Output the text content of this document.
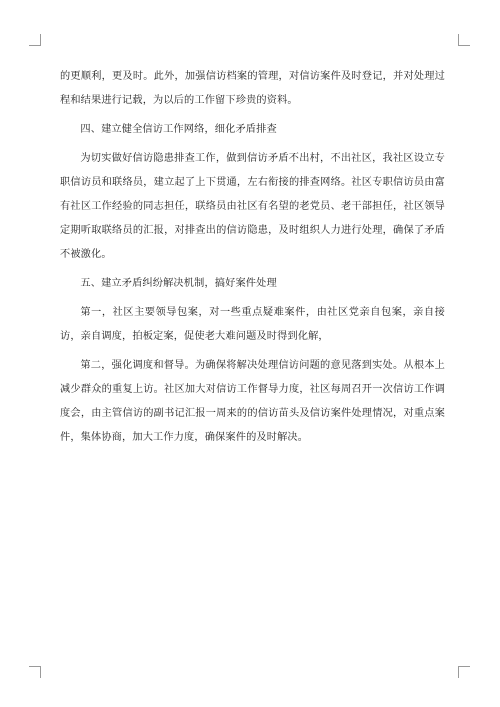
的更顺利，更及时。此外，加强信访档案的管理，对信访案件及时登记，并对处理过程和结果进行记载，为以后的工作留下珍贵的资料。

四、建立健全信访工作网络，细化矛盾排查

为切实做好信访隐患排查工作，做到信访矛盾不出村，不出社区，我社区设立专职信访员和联络员，建立起了上下贯通，左右衔接的排查网络。社区专职信访员由富有社区工作经验的同志担任，联络员由社区有名望的老党员、老干部担任，社区领导定期听取联络员的汇报，对排查出的信访隐患，及时组织人力进行处理，确保了矛盾不被激化。

五、建立矛盾纠纷解决机制，搞好案件处理

第一，社区主要领导包案，对一些重点疑难案件，由社区党亲自包案，亲自接访，亲自调度，拍板定案，促使老大难问题及时得到化解，

第二，强化调度和督导。为确保将解决处理信访问题的意见落到实处。从根本上减少群众的重复上访。社区加大对信访工作督导力度，社区每周召开一次信访工作调度会，由主管信访的副书记汇报一周来的的信访苗头及信访案件处理情况，对重点案件，集体协商，加大工作力度，确保案件的及时解决。
